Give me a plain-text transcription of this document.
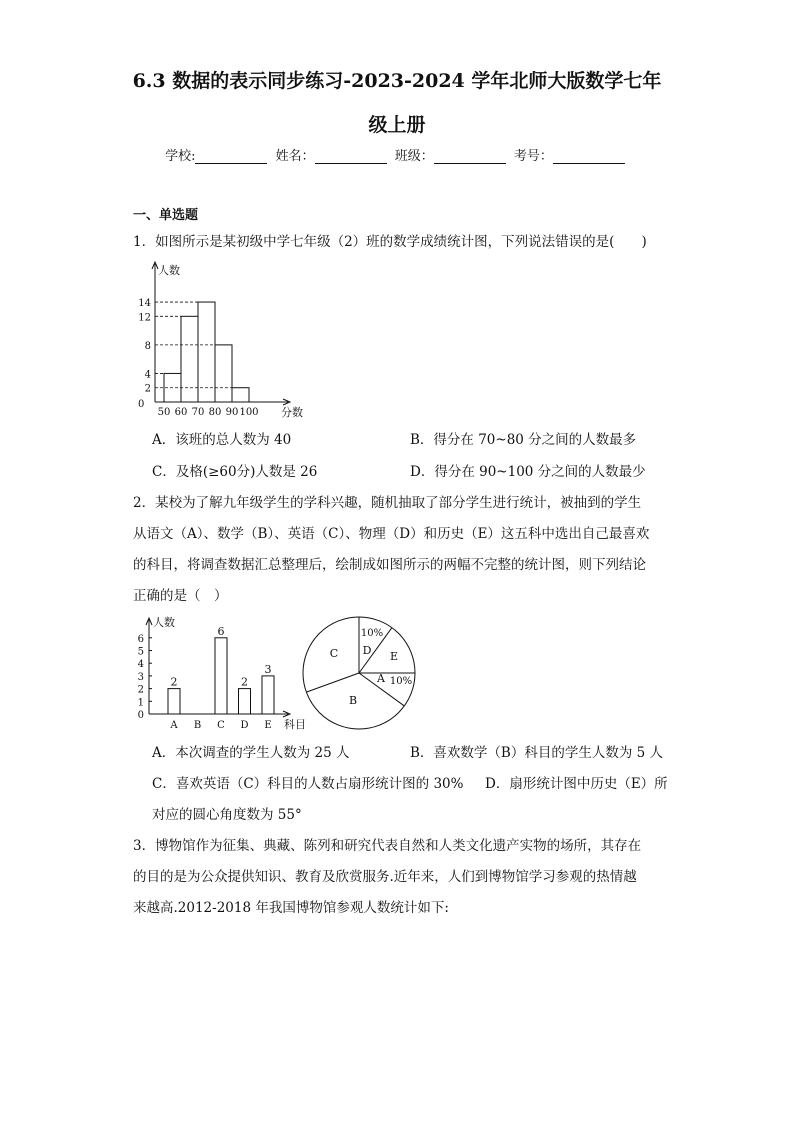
6.3 数据的表示同步练习-2023-2024 学年北师大版数学七年
级上册
学校:	姓名：	班级：	考号：
一、单选题
1．如图所示是某初级中学七年级（2）班的数学成绩统计图，下列说法错误的是(　　)
人数
分数
0
2
4
8
12
14
50 60 70 80 90 100
A．该班的总人数为 40	B．得分在 70~80 分之间的人数最多
C．及格(≥60分)人数是 26	D．得分在 90~100 分之间的人数最少
2．某校为了解九年级学生的学科兴趣，随机抽取了部分学生进行统计，被抽到的学生
从语文（A）、数学（B）、英语（C）、物理（D）和历史（E）这五科中选出自己最喜欢
的科目，将调查数据汇总整理后，绘制成如图所示的两幅不完整的统计图，则下列结论
正确的是（　）
人数
科目
0
1
2
3
4
5
6
A
2
B C
6
D
2
E
3
C D E
A
B
10%
10%
A．本次调查的学生人数为 25 人	B．喜欢数学（B）科目的学生人数为 5 人
C．喜欢英语（C）科目的人数占扇形统计图的 30% D．扇形统计图中历史（E）所
对应的圆心角度数为 55°
3．博物馆作为征集、典藏、陈列和研究代表自然和人类文化遗产实物的场所，其存在
的目的是为公众提供知识、教育及欣赏服务.近年来，人们到博物馆学习参观的热情越
来越高.2012-2018 年我国博物馆参观人数统计如下:
